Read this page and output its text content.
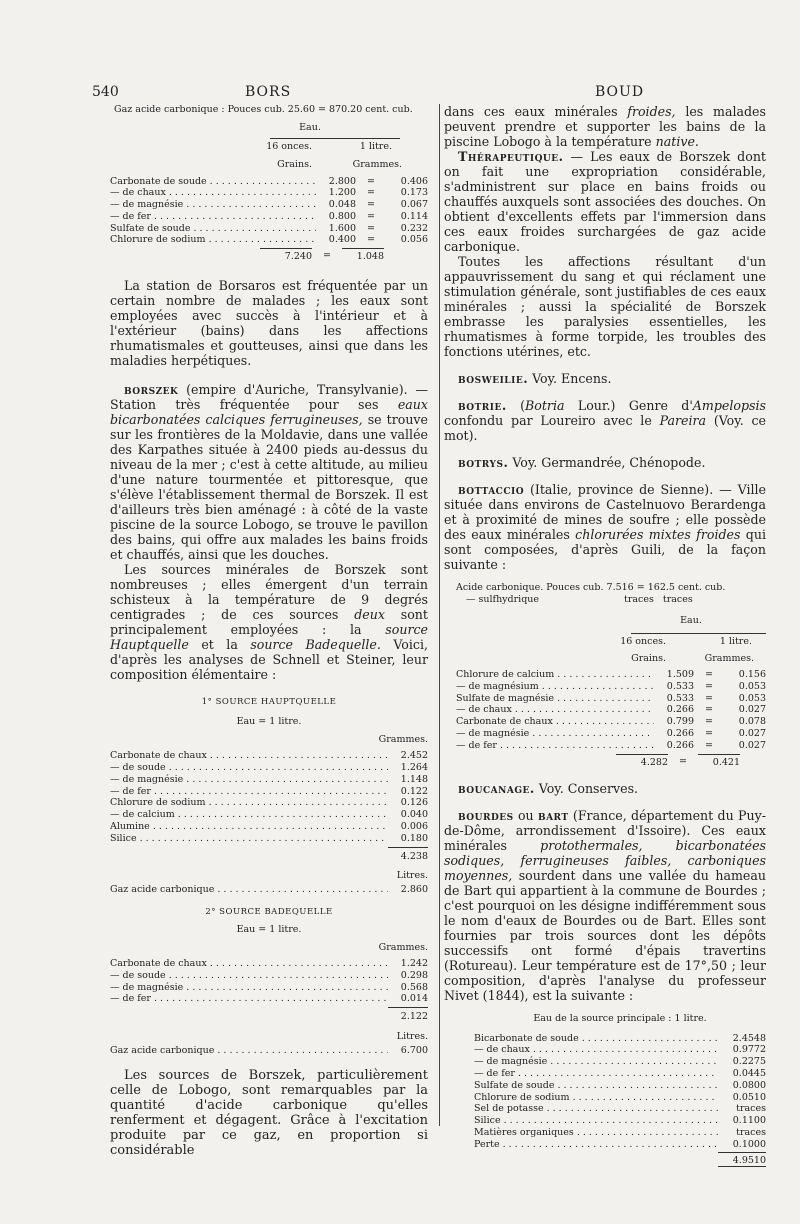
540	BORS	BOUD
Gaz acide carbonique : Pouces cub. 25.60 = 870.20 cent. cub.
Eau.
16 onces.	1 litre.
Grains.	Grammes.
Carbonate de soude . . .	2.800	=	0.406
— de chaux . . .	1.200	=	0.173
— de magnésie . . .	0.048	=	0.067
— de fer . . .	0.800	=	0.114
Sulfate de soude . . .	1.600	=	0.232
Chlorure de sodium . . .	0.400	=	0.056
7.240	=	1.048

La station de Borsaros est fréquentée par un certain nombre de malades ; les eaux sont employées avec succès à l'intérieur et à l'extérieur (bains) dans les affections rhumatismales et goutteuses, ainsi que dans les maladies herpétiques.

borszek (empire d'Auriche, Transylvanie). — Station très fréquentée pour ses eaux bicarbonatées calciques ferrugineuses, se trouve sur les frontières de la Moldavie, dans une vallée des Karpathes située à 2400 pieds au-dessus du niveau de la mer ; c'est à cette altitude, au milieu d'une nature tourmentée et pittoresque, que s'élève l'établissement thermal de Borszek. Il est d'ailleurs très bien aménagé : à côté de la vaste piscine de la source Lobogo, se trouve le pavillon des bains, qui offre aux malades les bains froids et chauffés, ainsi que les douches.

Les sources minérales de Borszek sont nombreuses ; elles émergent d'un terrain schisteux à la température de 9 degrés centigrades ; de ces sources deux sont principalement employées : la source Hauptquelle et la source Badequelle. Voici, d'après les analyses de Schnell et Steiner, leur composition élémentaire :

1° SOURCE HAUPTQUELLE
Eau = 1 litre.
Grammes.
Carbonate de chaux . . .	2.452
— de soude . . .	1.264
— de magnésie . . .	1.148
— de fer . . .	0.122
Chlorure de sodium . . .	0.126
— de calcium . . .	0.040
Alumine . . .	0.006
Silice . . .	0.180
4.238
Litres.
Gaz acide carbonique . . .	2.860
2° SOURCE BADEQUELLE
Eau = 1 litre.
Grammes.
Carbonate de chaux . . .	1.242
— de soude . . .	0.298
— de magnésie . . .	0.568
— de fer . . .	0.014
2.122
Litres.
Gaz acide carbonique . . .	6.700

Les sources de Borszek, particulièrement celle de Lobogo, sont remarquables par la quantité d'acide carbonique qu'elles renferment et dégagent. Grâce à l'excitation produite par ce gaz, en proportion si considérable

dans ces eaux minérales froides, les malades peuvent prendre et supporter les bains de la piscine Lobogo à la température native.

Thérapeutique. — Les eaux de Borszek dont on fait une expropriation considérable, s'administrent sur place en bains froids ou chauffés auxquels sont associées des douches. On obtient d'excellents effets par l'immersion dans ces eaux froides surchargées de gaz acide carbonique.

Toutes les affections résultant d'un appauvrissement du sang et qui réclament une stimulation générale, sont justifiables de ces eaux minérales ; aussi la spécialité de Borszek embrasse les paralysies essentielles, les rhumatismes à forme torpide, les troubles des fonctions utérines, etc.

bosweilie. Voy. Encens.

botrie. (Botria Lour.) Genre d'Ampelopsis confondu par Loureiro avec le Pareira (Voy. ce mot).

botrys. Voy. Germandrée, Chénopode.

bottaccio (Italie, province de Sienne). — Ville située dans environs de Castelnuovo Berardenga et à proximité de mines de soufre ; elle possède des eaux minérales chlorurées mixtes froides qui sont composées, d'après Guili, de la façon suivante :

Acide carbonique. Pouces cub. 7.516 = 162.5 cent. cub.
— sulfhydrique	traces   traces
Eau.
16 onces.	1 litre.
Grains.	Grammes.
Chlorure de calcium . . .	1.509	=	0.156
— de magnésium . . .	0.533	=	0.053
Sulfate de magnésie . . .	0.533	=	0.053
— de chaux . . .	0.266	=	0.027
Carbonate de chaux . . .	0.799	=	0.078
— de magnésie . . .	0.266	=	0.027
— de fer . . .	0.266	=	0.027
4.282	=	0.421

boucanage. Voy. Conserves.

bourdes ou bart (France, département du Puy-de-Dôme, arrondissement d'Issoire). Ces eaux minérales	protothermales, bicarbonatées sodiques, ferrugineuses faibles, carboniques moyennes, sourdent dans une vallée du hameau de Bart qui appartient à la commune de Bourdes ; c'est pourquoi on les désigne indifféremment sous le nom d'eaux de Bourdes ou de Bart. Elles sont fournies par trois sources dont les dépôts successifs ont formé d'épais travertins (Rotureau). Leur température est de 17°,50 ; leur composition, d'après l'analyse du professeur Nivet (1844), est la suivante :

Eau de la source principale : 1 litre.
Bicarbonate de soude . . .	2.4548
— de chaux . . .	0.9772
— de magnésie . . .	0.2275
— de fer . . .	0.0445
Sulfate de soude . . .	0.0800
Chlorure de sodium . . .	0.0510
Sel de potasse . . .	traces
Silice . . .	0.1100
Matières organiques . . .	traces
Perte . . .	0.1000
4.9510
